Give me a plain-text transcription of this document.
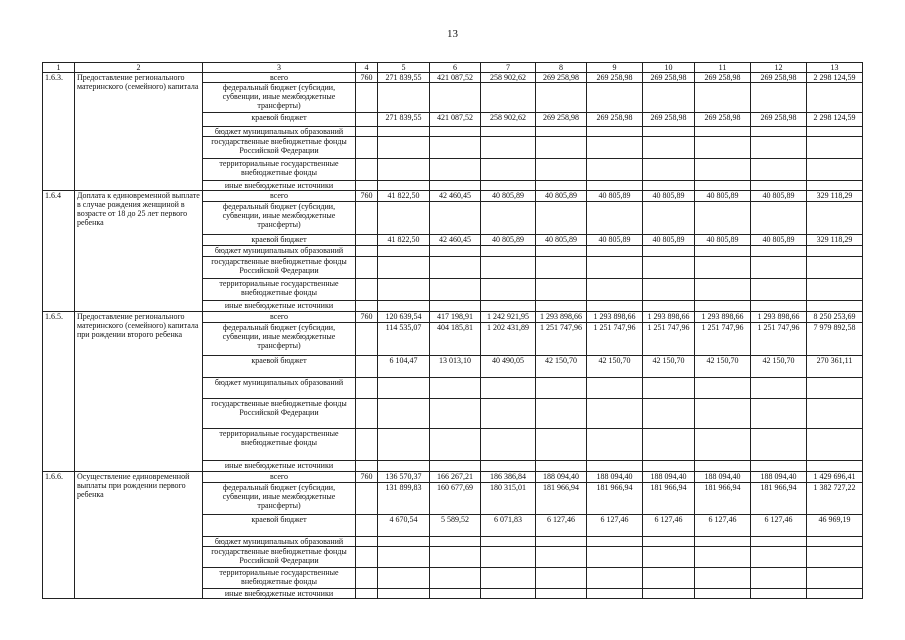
13
1	2	3	4	5	6	7	8	9	10	11	12	13
1.6.3.	Предоставление регионального материнского (семейного) капитала	всего	760	271 839,55	421 087,52	258 902,62	269 258,98	269 258,98	269 258,98	269 258,98	269 258,98	2 298 124,59
		федеральный бюджет (субсидии, субвенции, иные межбюджетные трансферты)										
		краевой бюджет		271 839,55	421 087,52	258 902,62	269 258,98	269 258,98	269 258,98	269 258,98	269 258,98	2 298 124,59
		бюджет муниципальных образований										
		государственные внебюджетные фонды Российской Федерации										
		территориальные государственные внебюджетные фонды										
		иные внебюджетные источники										
1.6.4	Доплата к единовременной выплате в случае рождения женщиной в возрасте от 18 до 25 лет первого ребенка	всего	760	41 822,50	42 460,45	40 805,89	40 805,89	40 805,89	40 805,89	40 805,89	40 805,89	329 118,29
		федеральный бюджет (субсидии, субвенции, иные межбюджетные трансферты)										
		краевой бюджет		41 822,50	42 460,45	40 805,89	40 805,89	40 805,89	40 805,89	40 805,89	40 805,89	329 118,29
		бюджет муниципальных образований										
		государственные внебюджетные фонды Российской Федерации										
		территориальные государственные внебюджетные фонды										
		иные внебюджетные источники										
1.6.5.	Предоставление регионального материнского (семейного) капитала при рождении второго ребенка	всего	760	120 639,54	417 198,91	1 242 921,95	1 293 898,66	1 293 898,66	1 293 898,66	1 293 898,66	1 293 898,66	8 250 253,69
		федеральный бюджет (субсидии, субвенции, иные межбюджетные трансферты)		114 535,07	404 185,81	1 202 431,89	1 251 747,96	1 251 747,96	1 251 747,96	1 251 747,96	1 251 747,96	7 979 892,58
		краевой бюджет		6 104,47	13 013,10	40 490,05	42 150,70	42 150,70	42 150,70	42 150,70	42 150,70	270 361,11
		бюджет муниципальных образований										
		государственные внебюджетные фонды Российской Федерации										
		территориальные государственные внебюджетные фонды										
		иные внебюджетные источники										
1.6.6.	Осуществление единовременной выплаты при рождении первого ребенка	всего	760	136 570,37	166 267,21	186 386,84	188 094,40	188 094,40	188 094,40	188 094,40	188 094,40	1 429 696,41
		федеральный бюджет (субсидии, субвенции, иные межбюджетные трансферты)		131 899,83	160 677,69	180 315,01	181 966,94	181 966,94	181 966,94	181 966,94	181 966,94	1 382 727,22
		краевой бюджет		4 670,54	5 589,52	6 071,83	6 127,46	6 127,46	6 127,46	6 127,46	6 127,46	46 969,19
		бюджет муниципальных образований										
		государственные внебюджетные фонды Российской Федерации										
		территориальные государственные внебюджетные фонды										
		иные внебюджетные источники										
